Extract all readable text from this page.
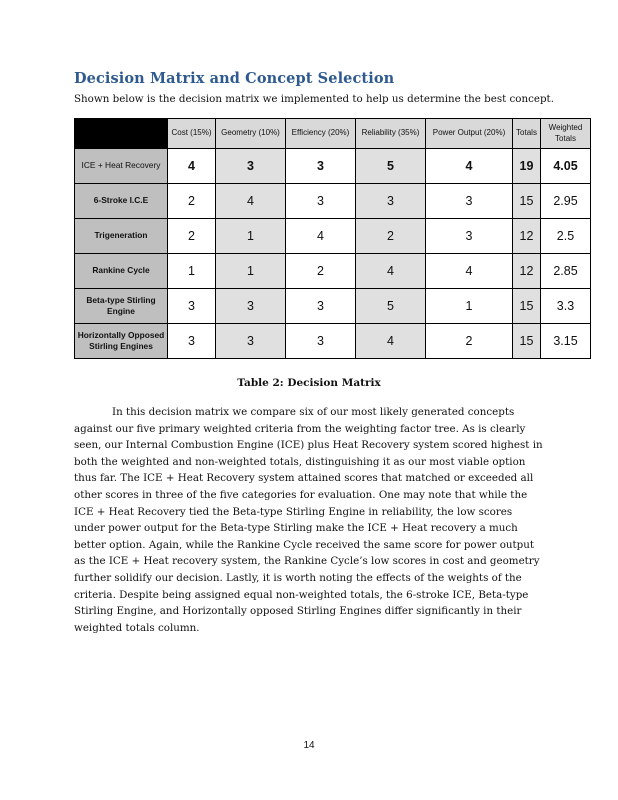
Decision Matrix and Concept Selection

Shown below is the decision matrix we implemented to help us determine the best concept.

	Cost (15%)	Geometry (10%)	Efficiency (20%)	Reliability (35%)	Power Output (20%)	Totals	Weighted Totals
ICE + Heat Recovery	4	3	3	5	4	19	4.05
6-Stroke I.C.E	2	4	3	3	3	15	2.95
Trigeneration	2	1	4	2	3	12	2.5
Rankine Cycle	1	1	2	4	4	12	2.85
Beta-type Stirling Engine	3	3	3	5	1	15	3.3
Horizontally Opposed Stirling Engines	3	3	3	4	2	15	3.15

Table 2: Decision Matrix

In this decision matrix we compare six of our most likely generated concepts against our five primary weighted criteria from the weighting factor tree. As is clearly seen, our Internal Combustion Engine (ICE) plus Heat Recovery system scored highest in both the weighted and non-weighted totals, distinguishing it as our most viable option thus far. The ICE + Heat Recovery system attained scores that matched or exceeded all other scores in three of the five categories for evaluation. One may note that while the ICE + Heat Recovery tied the Beta-type Stirling Engine in reliability, the low scores under power output for the Beta-type Stirling make the ICE + Heat recovery a much better option. Again, while the Rankine Cycle received the same score for power output as the ICE + Heat recovery system, the Rankine Cycle’s low scores in cost and geometry further solidify our decision. Lastly, it is worth noting the effects of the weights of the criteria. Despite being assigned equal non-weighted totals, the 6-stroke ICE, Beta-type Stirling Engine, and Horizontally opposed Stirling Engines differ significantly in their weighted totals column.

14
